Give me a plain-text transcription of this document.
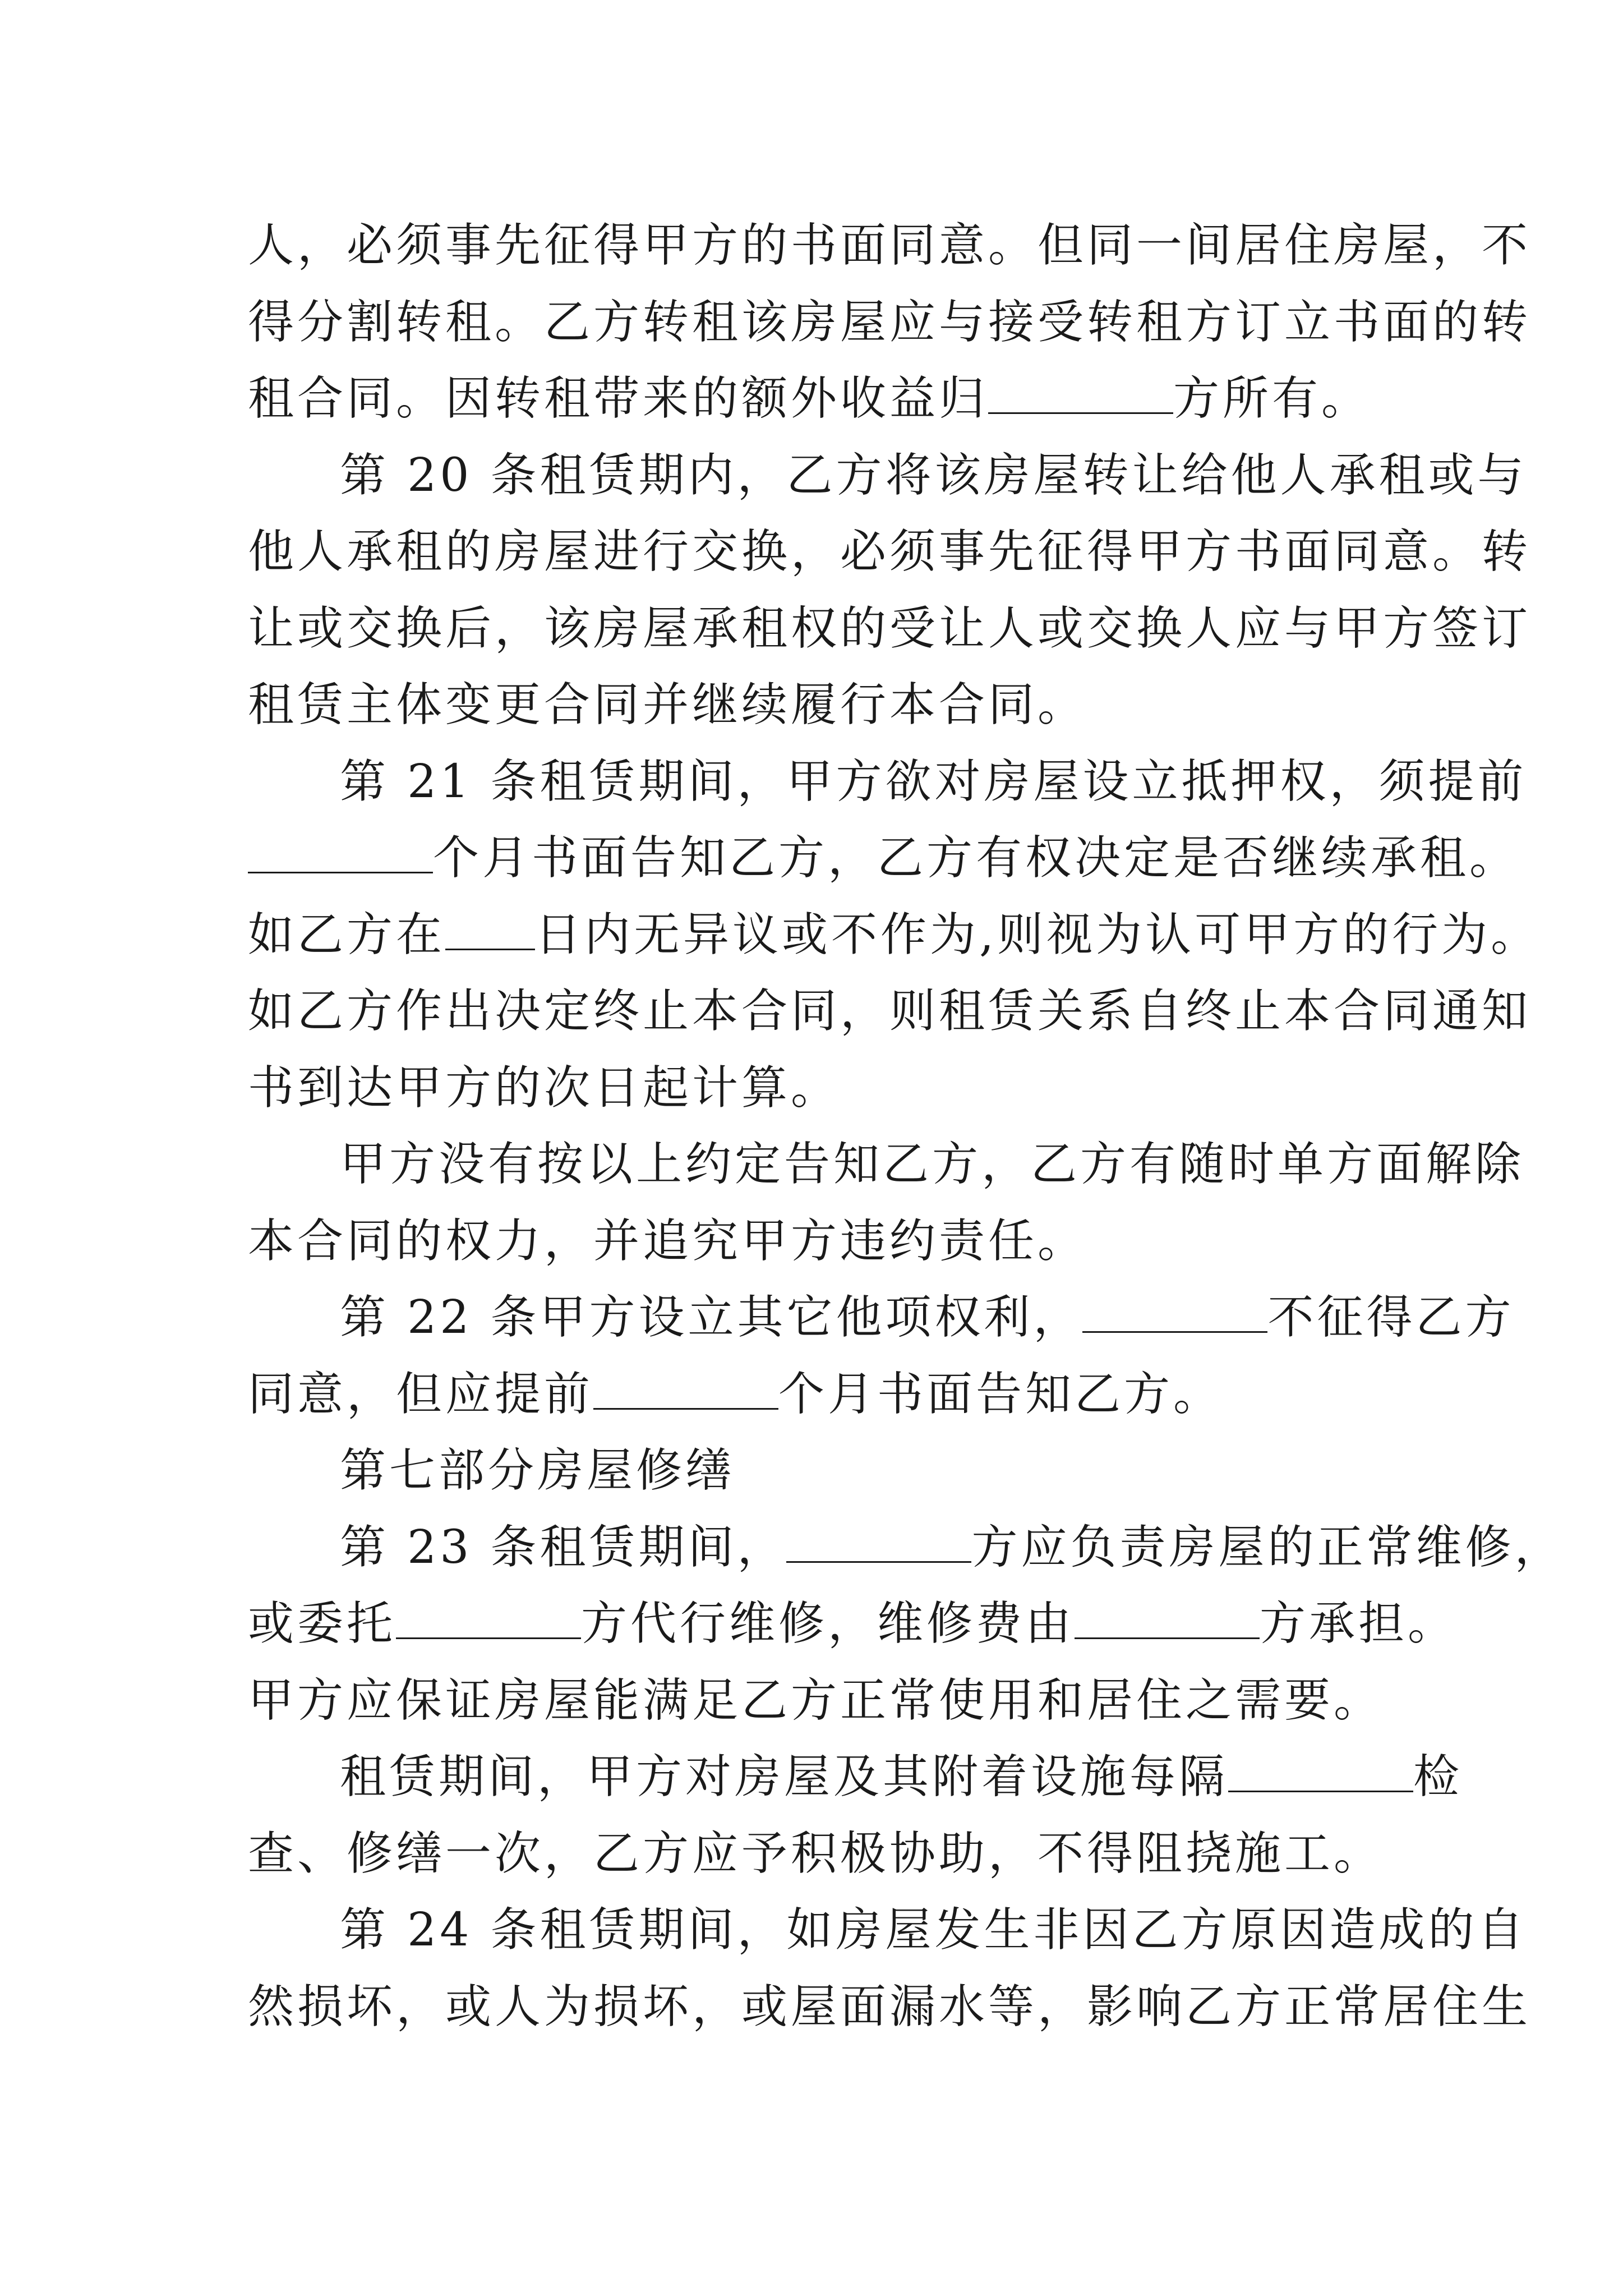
人，必须事先征得甲方的书面同意。但同一间居住房屋，不
得分割转租。乙方转租该房屋应与接受转租方订立书面的转
租合同。因转租带来的额外收益归	方所有。
第 20 条租赁期内，乙方将该房屋转让给他人承租或与
他人承租的房屋进行交换，必须事先征得甲方书面同意。转
让或交换后，该房屋承租权的受让人或交换人应与甲方签订
租赁主体变更合同并继续履行本合同。
第 21 条租赁期间，甲方欲对房屋设立抵押权，须提前
个月书面告知乙方，乙方有权决定是否继续承租。
如乙方在 日内无异议或不作为,则视为认可甲方的行为。
如乙方作出决定终止本合同，则租赁关系自终止本合同通知
书到达甲方的次日起计算。
甲方没有按以上约定告知乙方，乙方有随时单方面解除
本合同的权力，并追究甲方违约责任。
第 22 条甲方设立其它他项权利，	不征得乙方
同意，但应提前	个月书面告知乙方。
第七部分房屋修缮
第 23 条租赁期间，	方应负责房屋的正常维修，
或委托	方代行维修，维修费由	方承担。
甲方应保证房屋能满足乙方正常使用和居住之需要。
租赁期间，甲方对房屋及其附着设施每隔	检
查、修缮一次，乙方应予积极协助，不得阻挠施工。
第 24 条租赁期间，如房屋发生非因乙方原因造成的自
然损坏，或人为损坏，或屋面漏水等，影响乙方正常居住生
